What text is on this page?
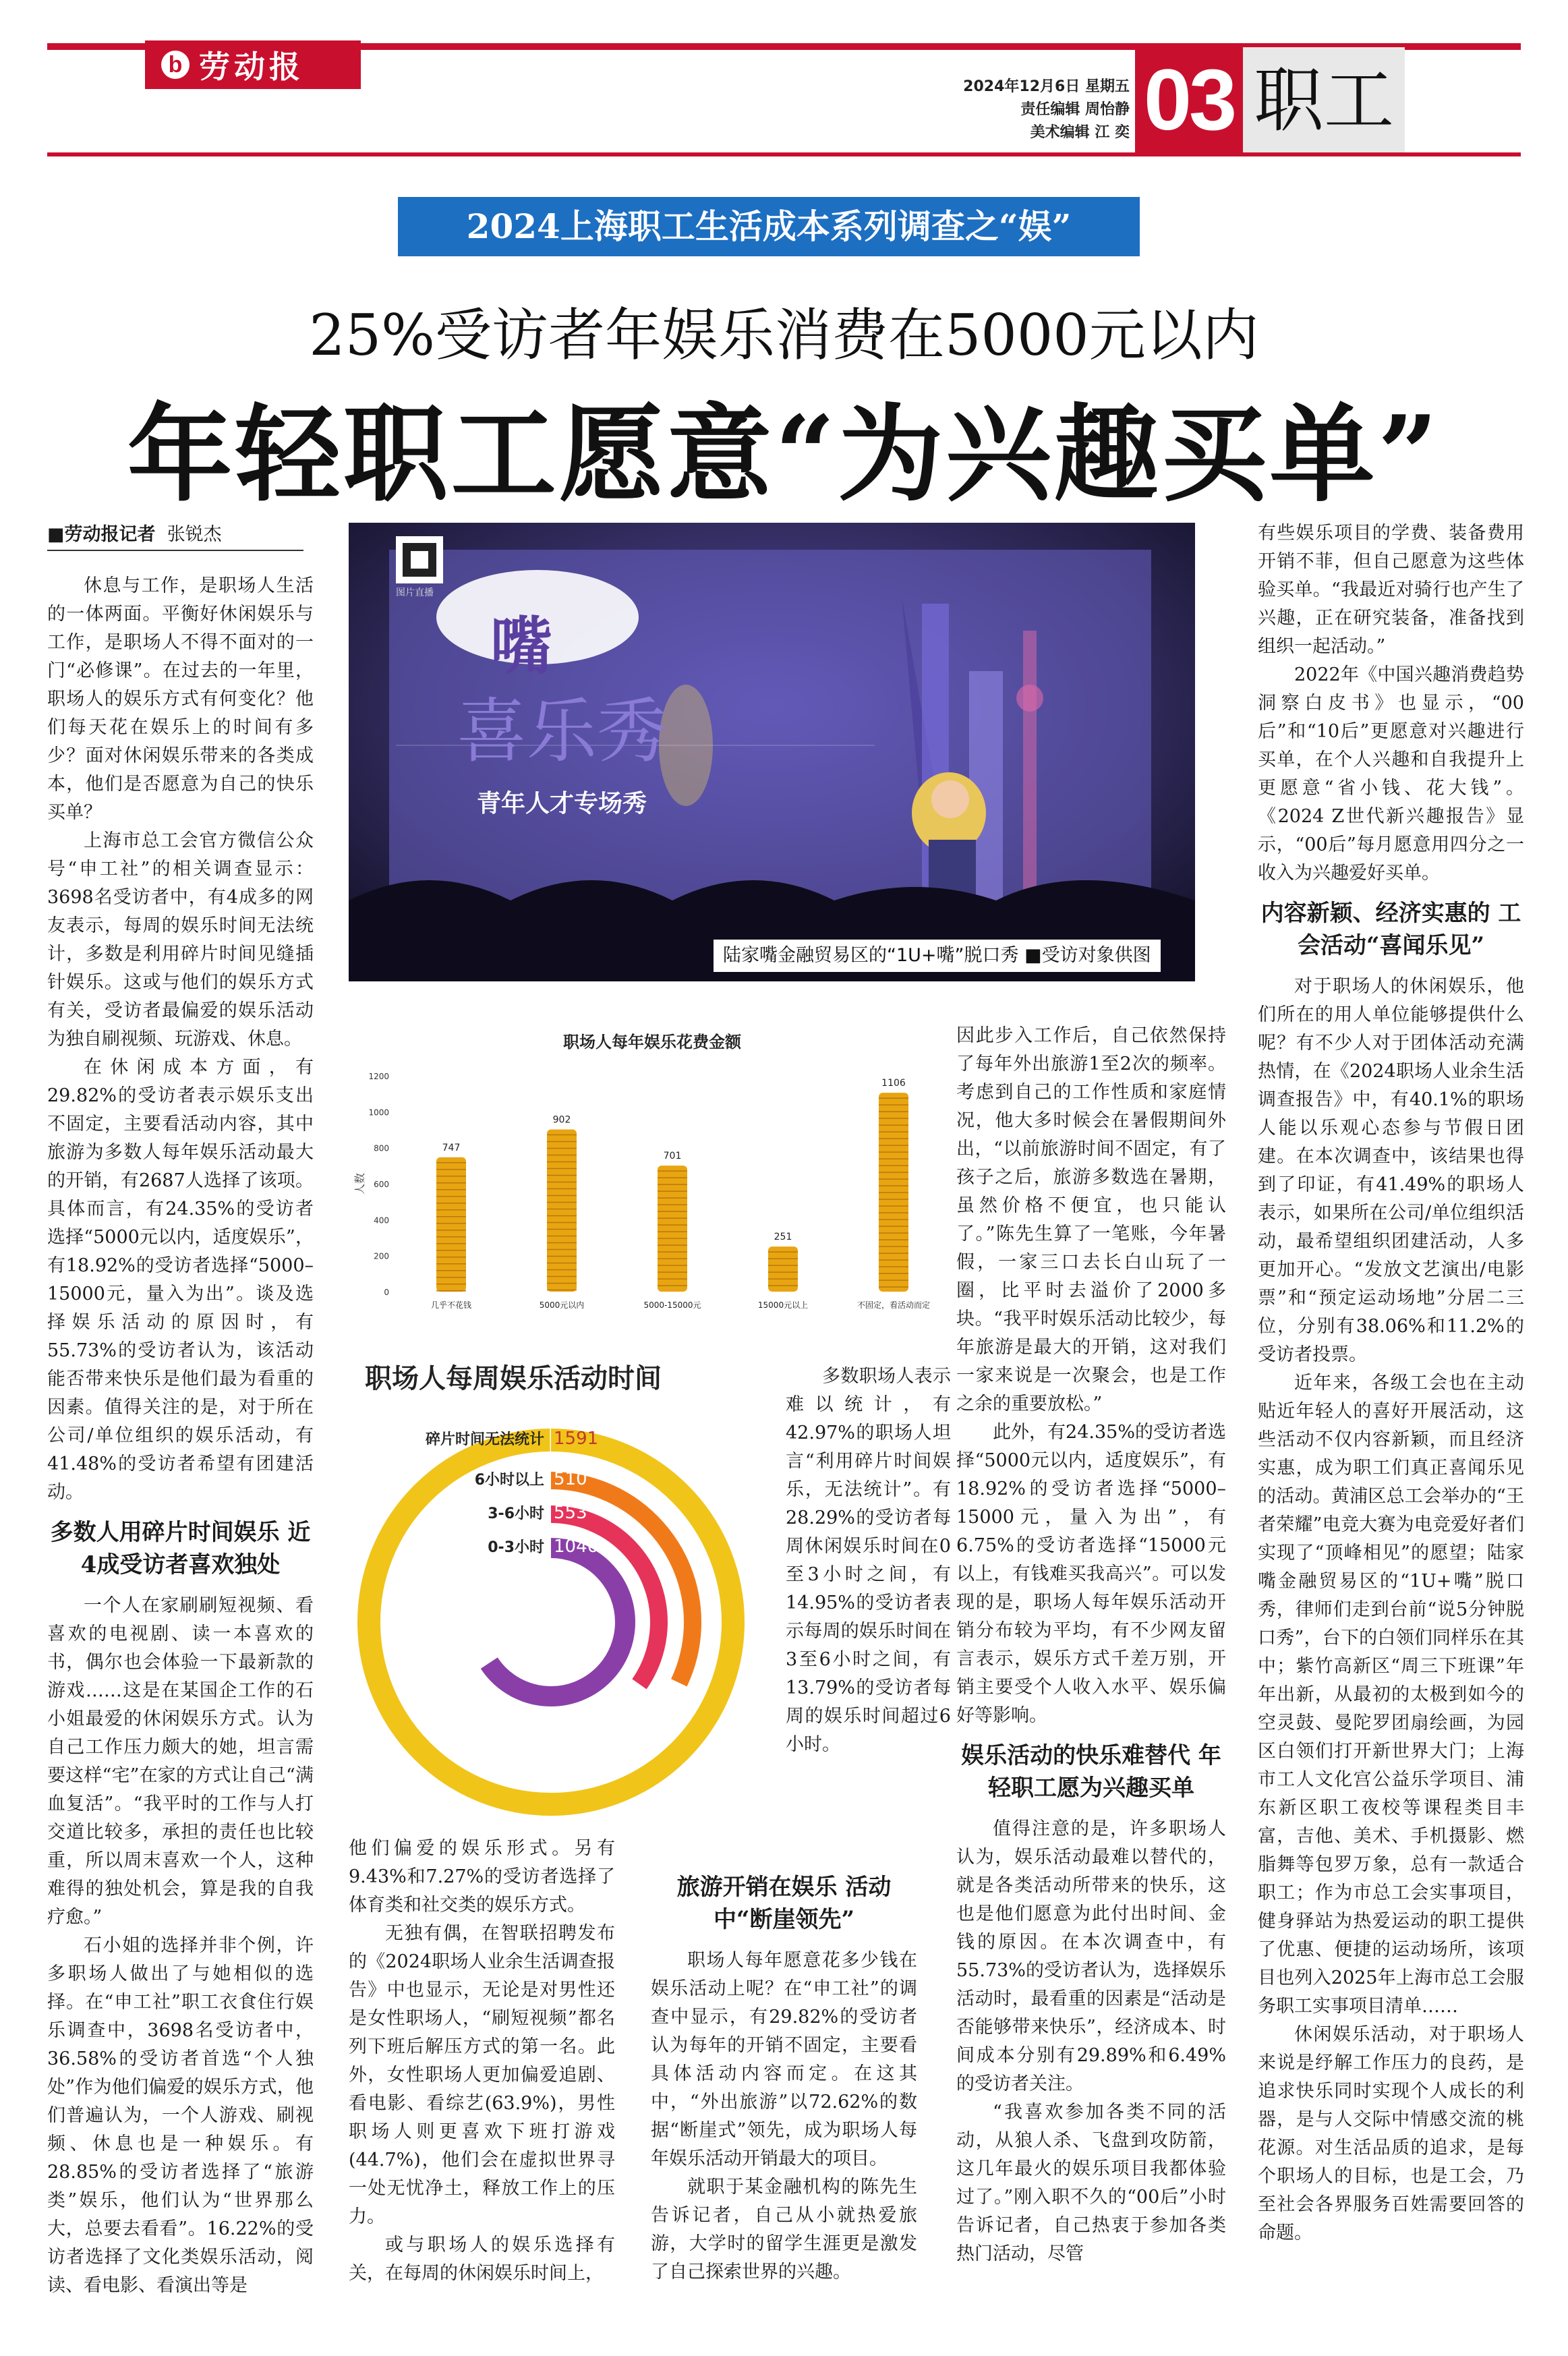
b 劳动报
2024年12月6日 星期五
责任编辑 周怡静
美术编辑 江 奕 03 职工
2024上海职工生活成本系列调查之“娱”
25%受访者年娱乐消费在5000元以内
年轻职工愿意“为兴趣买单”
■劳动报记者 张锐杰

休息与工作，是职场人生活的一体两面。平衡好休闲娱乐与工作，是职场人不得不面对的一门“必修课”。在过去的一年里，职场人的娱乐方式有何变化？他们每天花在娱乐上的时间有多少？面对休闲娱乐带来的各类成本，他们是否愿意为自己的快乐买单？

上海市总工会官方微信公众号“申工社”的相关调查显示：3698名受访者中，有4成多的网友表示，每周的娱乐时间无法统计，多数是利用碎片时间见缝插针娱乐。这或与他们的娱乐方式有关，受访者最偏爱的娱乐活动为独自刷视频、玩游戏、休息。

在休闲成本方面，有29.82%的受访者表示娱乐支出不固定，主要看活动内容，其中旅游为多数人每年娱乐活动最大的开销，有2687人选择了该项。具体而言，有24.35%的受访者选择“5000元以内，适度娱乐”，有18.92%的受访者选择“5000–15000元，量入为出”。谈及选择娱乐活动的原因时，有55.73%的受访者认为，该活动能否带来快乐是他们最为看重的因素。值得关注的是，对于所在公司/单位组织的娱乐活动，有41.48%的受访者希望有团建活动。

多数人用碎片时间娱乐 近4成受访者喜欢独处

一个人在家刷刷短视频、看喜欢的电视剧、读一本喜欢的书，偶尔也会体验一下最新款的游戏……这是在某国企工作的石小姐最爱的休闲娱乐方式。认为自己工作压力颇大的她，坦言需要这样“宅”在家的方式让自己“满血复活”。“我平时的工作与人打交道比较多，承担的责任也比较重，所以周末喜欢一个人，这种难得的独处机会，算是我的自我疗愈。”

石小姐的选择并非个例，许多职场人做出了与她相似的选择。在“申工社”职工衣食住行娱乐调查中，3698名受访者中，36.58%的受访者首选“个人独处”作为他们偏爱的娱乐方式，他们普遍认为，一个人游戏、刷视频、休息也是一种娱乐。有28.85%的受访者选择了“旅游类”娱乐，他们认为“世界那么大，总要去看看”。16.22%的受访者选择了文化类娱乐活动，阅读、看电影、看演出等是

嘴
喜乐秀
青年人才专场秀
图片直播
陆家嘴金融贸易区的“1U+嘴”脱口秀 ■受访对象供图
职场人每年娱乐花费金额
人数
0
200
400
600
800
1000
1200
747
几乎不花钱
902
5000元以内
701
5000-15000元
251
15000元以上
1106
不固定，看活动而定
职场人每周娱乐活动时间
碎片时间无法统计 1591
6小时以上 510
3-6小时 553
0-3小时 1046

多数职场人表示难以统计，有42.97%的职场人坦言“利用碎片时间娱乐，无法统计”。有28.29%的受访者每周休闲娱乐时间在0至3小时之间，有14.95%的受访者表示每周的娱乐时间在3至6小时之间，有13.79%的受访者每周的娱乐时间超过6小时。

他们偏爱的娱乐形式。另有9.43%和7.27%的受访者选择了体育类和社交类的娱乐方式。

无独有偶，在智联招聘发布的《2024职场人业余生活调查报告》中也显示，无论是对男性还是女性职场人，“刷短视频”都名列下班后解压方式的第一名。此外，女性职场人更加偏爱追剧、看电影、看综艺(63.9%)，男性职场人则更喜欢下班打游戏(44.7%)，他们会在虚拟世界寻一处无忧净土，释放工作上的压力。

或与职场人的娱乐选择有关，在每周的休闲娱乐时间上，

旅游开销在娱乐 活动中“断崖领先”

职场人每年愿意花多少钱在娱乐活动上呢？在“申工社”的调查中显示，有29.82%的受访者认为每年的开销不固定，主要看具体活动内容而定。在这其中，“外出旅游”以72.62%的数据“断崖式”领先，成为职场人每年娱乐活动开销最大的项目。

就职于某金融机构的陈先生告诉记者，自己从小就热爱旅游，大学时的留学生涯更是激发了自己探索世界的兴趣。

因此步入工作后，自己依然保持了每年外出旅游1至2次的频率。考虑到自己的工作性质和家庭情况，他大多时候会在暑假期间外出，“以前旅游时间不固定，有了孩子之后，旅游多数选在暑期，虽然价格不便宜，也只能认了。”陈先生算了一笔账，今年暑假，一家三口去长白山玩了一圈，比平时去溢价了2000多块。“我平时娱乐活动比较少，每年旅游是最大的开销，这对我们一家来说是一次聚会，也是工作之余的重要放松。”

此外，有24.35%的受访者选择“5000元以内，适度娱乐”，有18.92%的受访者选择“5000–15000元，量入为出”，有6.75%的受访者选择“15000元以上，有钱难买我高兴”。可以发现的是，职场人每年娱乐活动开销分布较为平均，有不少网友留言表示，娱乐方式千差万别，开销主要受个人收入水平、娱乐偏好等影响。

娱乐活动的快乐难替代 年轻职工愿为兴趣买单

值得注意的是，许多职场人认为，娱乐活动最难以替代的，就是各类活动所带来的快乐，这也是他们愿意为此付出时间、金钱的原因。在本次调查中，有55.73%的受访者认为，选择娱乐活动时，最看重的因素是“活动是否能够带来快乐”，经济成本、时间成本分别有29.89%和6.49%的受访者关注。

“我喜欢参加各类不同的活动，从狼人杀、飞盘到攻防箭，这几年最火的娱乐项目我都体验过了。”刚入职不久的“00后”小时告诉记者，自己热衷于参加各类热门活动，尽管

有些娱乐项目的学费、装备费用开销不菲，但自己愿意为这些体验买单。“我最近对骑行也产生了兴趣，正在研究装备，准备找到组织一起活动。”

2022年《中国兴趣消费趋势洞察白皮书》也显示，“00后”和“10后”更愿意对兴趣进行买单，在个人兴趣和自我提升上更愿意“省小钱、花大钱”。《2024 Z世代新兴趣报告》显示，“00后”每月愿意用四分之一收入为兴趣爱好买单。

内容新颖、经济实惠的 工会活动“喜闻乐见”

对于职场人的休闲娱乐，他们所在的用人单位能够提供什么呢？有不少人对于团体活动充满热情，在《2024职场人业余生活调查报告》中，有40.1%的职场人能以乐观心态参与节假日团建。在本次调查中，该结果也得到了印证，有41.49%的职场人表示，如果所在公司/单位组织活动，最希望组织团建活动，人多更加开心。“发放文艺演出/电影票”和“预定运动场地”分居二三位，分别有38.06%和11.2%的受访者投票。

近年来，各级工会也在主动贴近年轻人的喜好开展活动，这些活动不仅内容新颖，而且经济实惠，成为职工们真正喜闻乐见的活动。黄浦区总工会举办的“王者荣耀”电竞大赛为电竞爱好者们实现了“顶峰相见”的愿望；陆家嘴金融贸易区的“1U+嘴”脱口秀，律师们走到台前“说5分钟脱口秀”，台下的白领们同样乐在其中；紫竹高新区“周三下班课”年年出新，从最初的太极到如今的空灵鼓、曼陀罗团扇绘画，为园区白领们打开新世界大门；上海市工人文化宫公益乐学项目、浦东新区职工夜校等课程类目丰富，吉他、美术、手机摄影、燃脂舞等包罗万象，总有一款适合职工；作为市总工会实事项目，健身驿站为热爱运动的职工提供了优惠、便捷的运动场所，该项目也列入2025年上海市总工会服务职工实事项目清单……

休闲娱乐活动，对于职场人来说是纾解工作压力的良药，是追求快乐同时实现个人成长的利器，是与人交际中情感交流的桃花源。对生活品质的追求，是每个职场人的目标，也是工会，乃至社会各界服务百姓需要回答的命题。
